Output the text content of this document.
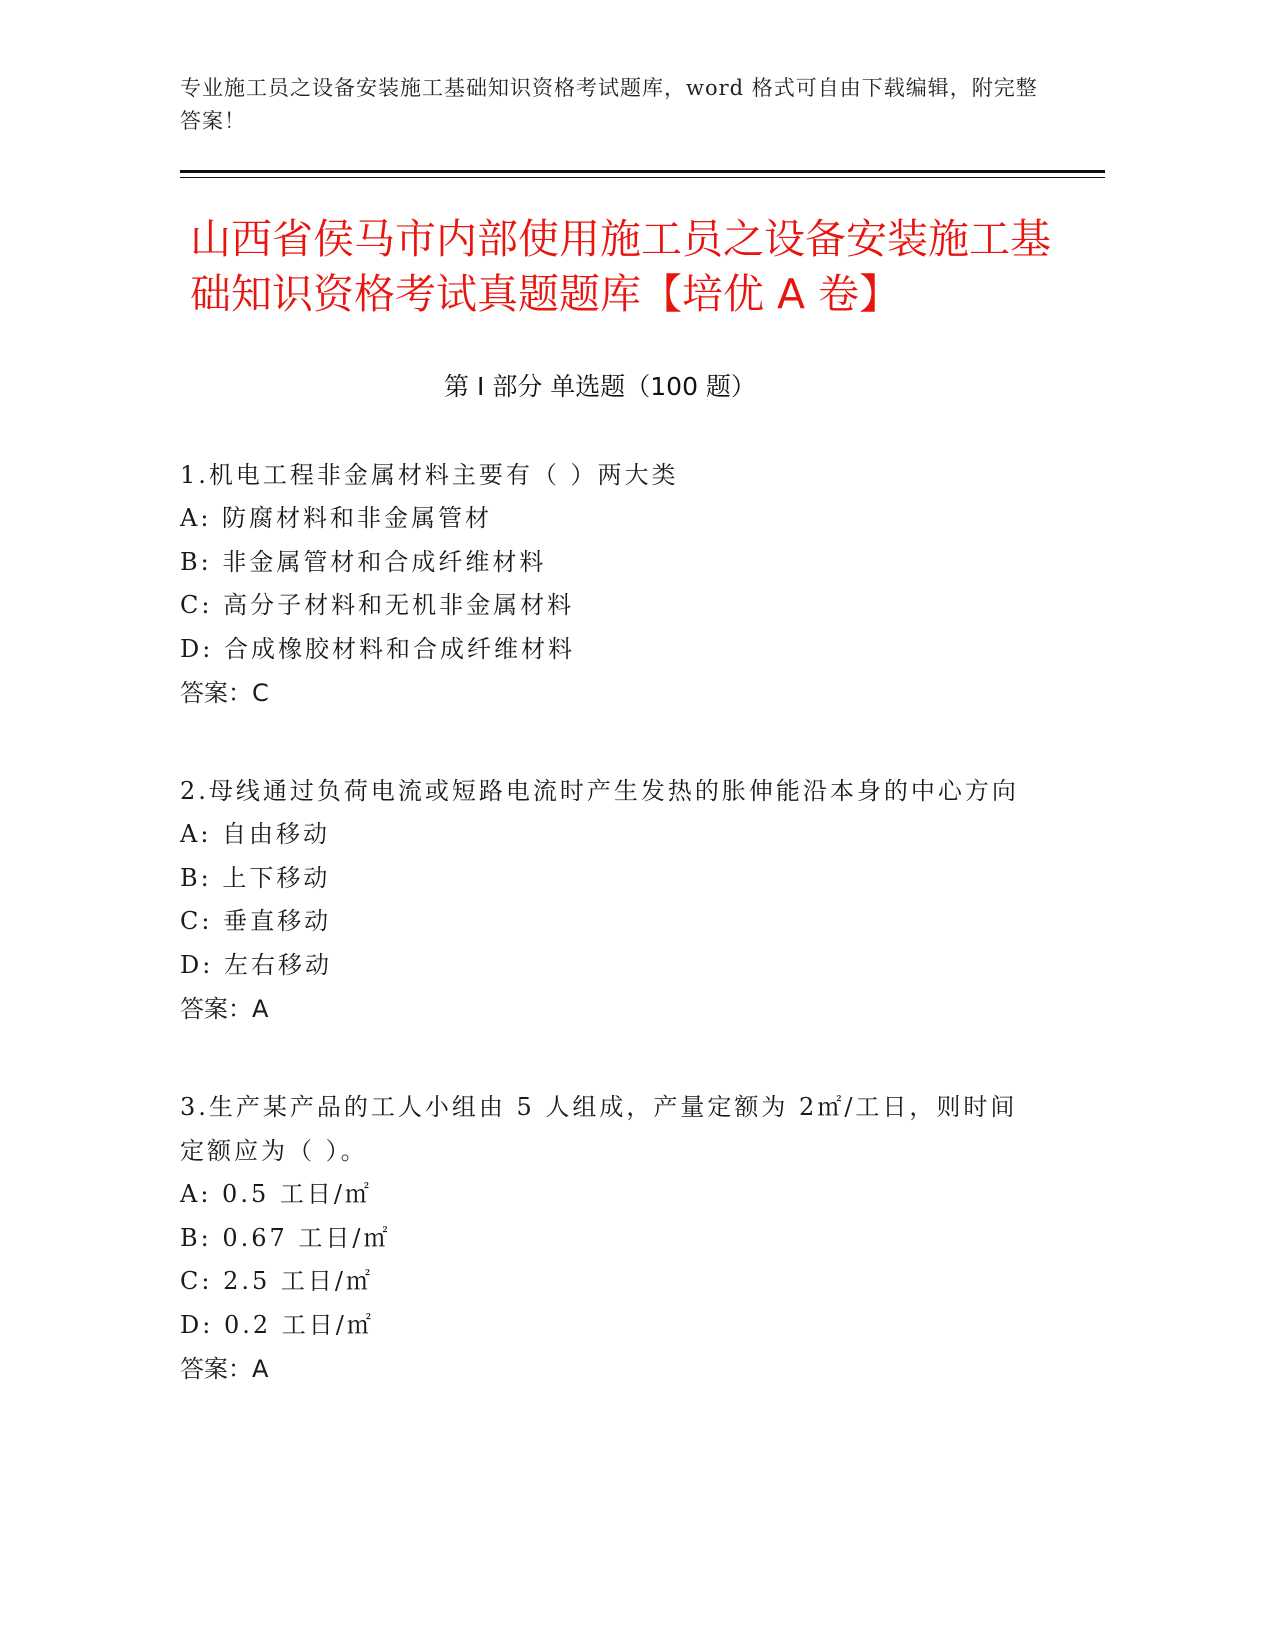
专业施工员之设备安装施工基础知识资格考试题库，word 格式可自由下载编辑，附完整答案！
山西省侯马市内部使用施工员之设备安装施工基础知识资格考试真题题库【培优 A 卷】
第 I 部分 单选题（100 题）
1.机电工程非金属材料主要有（ ）两大类
A: 防腐材料和非金属管材
B: 非金属管材和合成纤维材料
C: 高分子材料和无机非金属材料
D: 合成橡胶材料和合成纤维材料
答案：C
2.母线通过负荷电流或短路电流时产生发热的胀伸能沿本身的中心方向
A: 自由移动
B: 上下移动
C: 垂直移动
D: 左右移动
答案：A
3.生产某产品的工人小组由 5 人组成，产量定额为 2㎡/工日，则时间定额应为（ ）。
A: 0.5 工日/㎡
B: 0.67 工日/㎡
C: 2.5 工日/㎡
D: 0.2 工日/㎡
答案：A
